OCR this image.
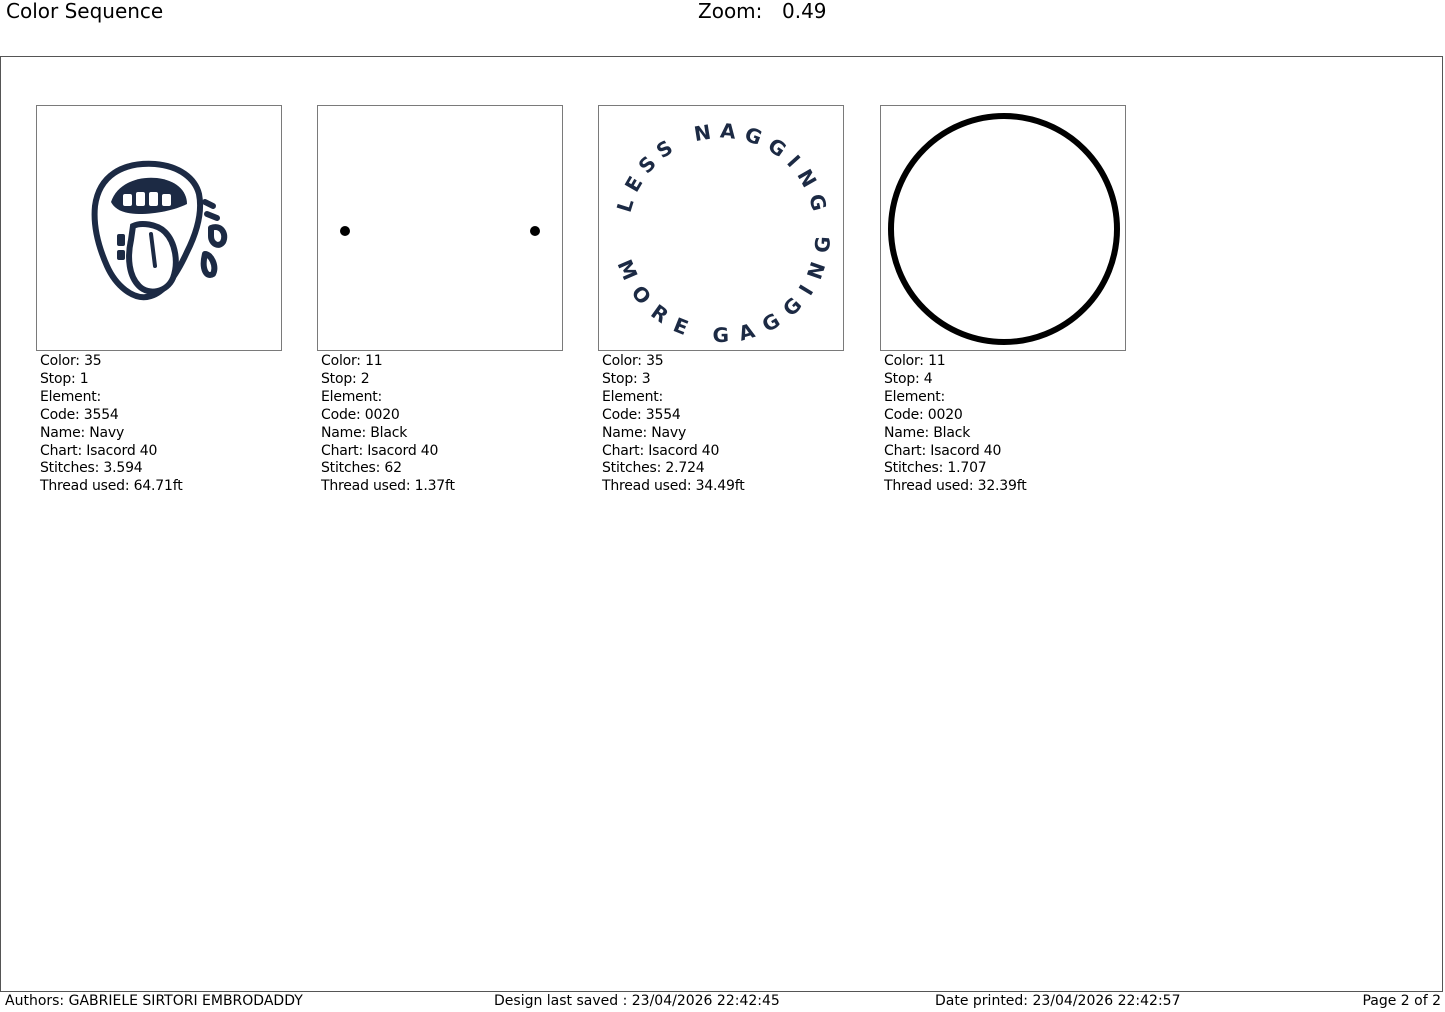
Color Sequence	Zoom: 0.49
Color: 35
Stop: 1
Element:
Code: 3554
Name: Navy
Chart: Isacord 40
Stitches: 3.594
Thread used: 64.71ft
Color: 11
Stop: 2
Element:
Code: 0020
Name: Black
Chart: Isacord 40
Stitches: 62
Thread used: 1.37ft
LESS NAGGING
MORE GAGGING
Color: 35
Stop: 3
Element:
Code: 3554
Name: Navy
Chart: Isacord 40
Stitches: 2.724
Thread used: 34.49ft
Color: 11
Stop: 4
Element:
Code: 0020
Name: Black
Chart: Isacord 40
Stitches: 1.707
Thread used: 32.39ft
Authors: GABRIELE SIRTORI EMBRODADDY	Design last saved : 23/04/2026 22:42:45	Date printed: 23/04/2026 22:42:57	Page 2 of 2
